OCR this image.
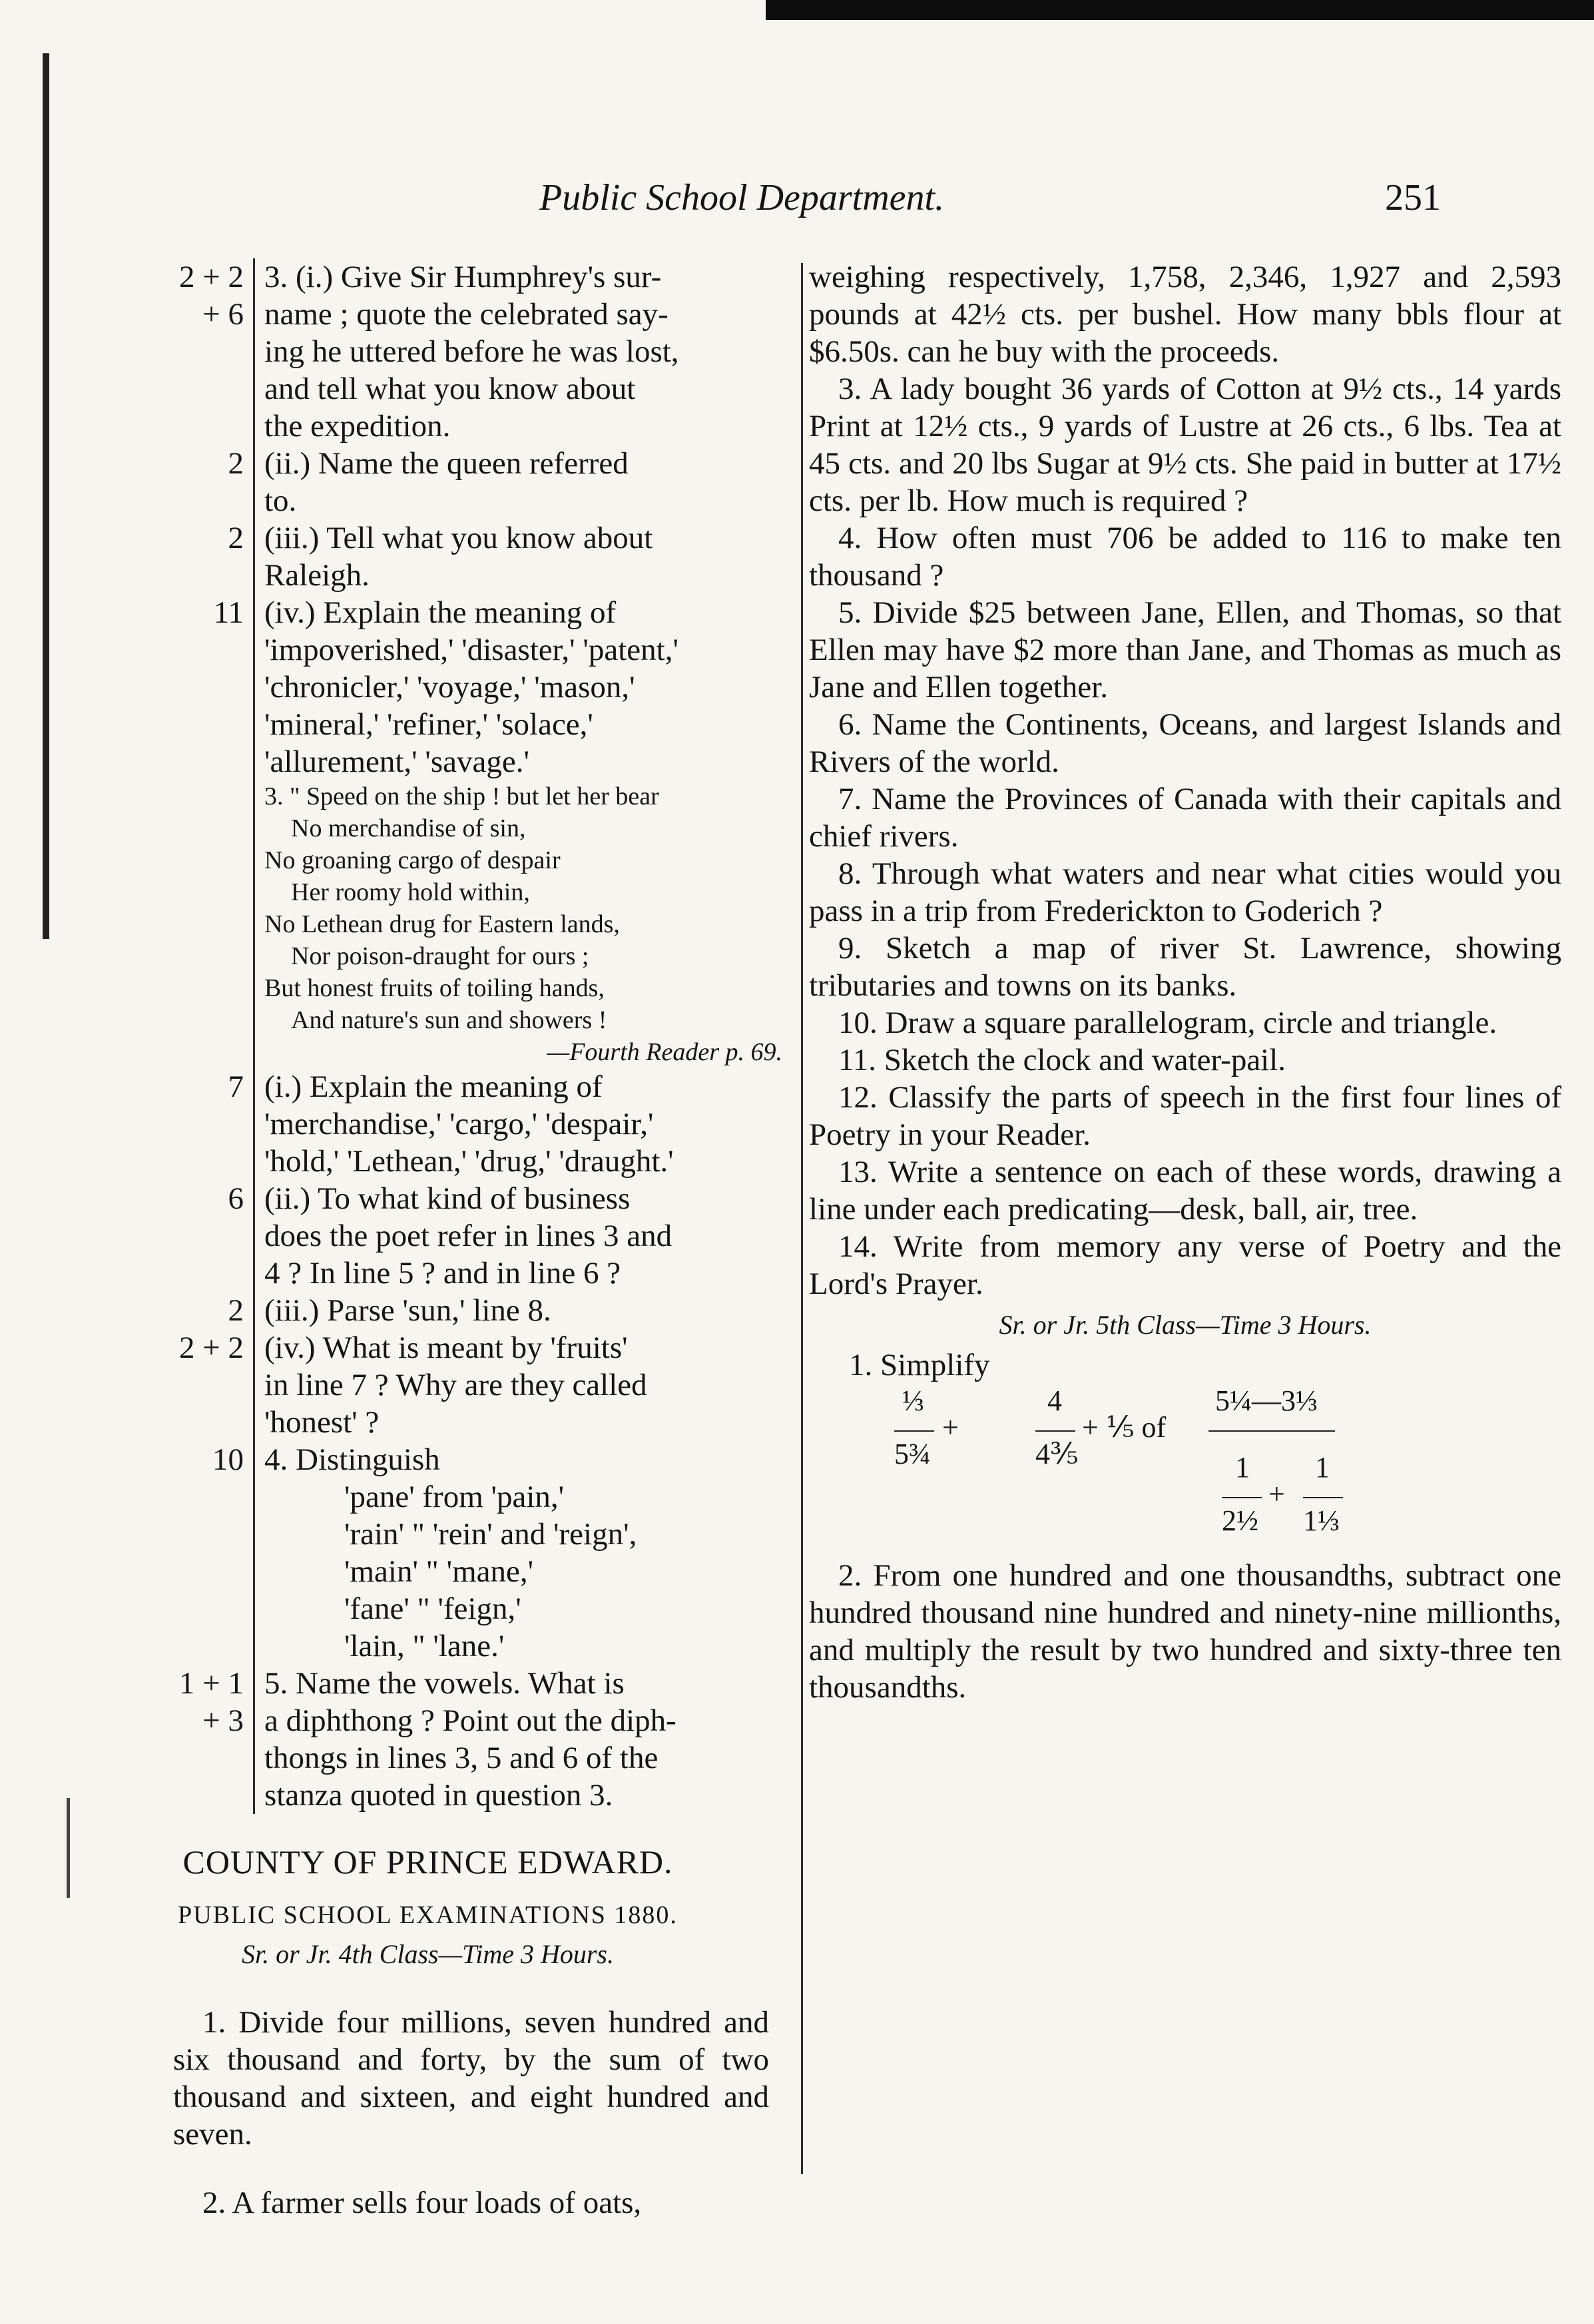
Public School Department.	251
2 + 2 3. (i.) Give Sir Humphrey's sur-
+ 6 name ; quote the celebrated say-
ing he uttered before he was lost,
and tell what you know about
the expedition.
2 (ii.) Name the queen referred
to.
2 (iii.) Tell what you know about
Raleigh.
11 (iv.) Explain the meaning of
'impoverished,' 'disaster,' 'patent,'
'chronicler,' 'voyage,' 'mason,'
'mineral,' 'refiner,' 'solace,'
'allurement,' 'savage.'
3. " Speed on the ship ! but let her bear
No merchandise of sin,
No groaning cargo of despair
Her roomy hold within,
No Lethean drug for Eastern lands,
Nor poison-draught for ours ;
But honest fruits of toiling hands,
And nature's sun and showers !
—Fourth Reader p. 69.
7 (i.) Explain the meaning of
'merchandise,' 'cargo,' 'despair,'
'hold,' 'Lethean,' 'drug,' 'draught.'
6 (ii.) To what kind of business
does the poet refer in lines 3 and
4 ? In line 5 ? and in line 6 ?
2 (iii.) Parse 'sun,' line 8.
2 + 2 (iv.) What is meant by 'fruits'
in line 7 ? Why are they called
'honest' ?
10 4. Distinguish
'pane' from 'pain,'
'rain' " 'rein' and 'reign',
'main' " 'mane,'
'fane' " 'feign,'
'lain, " 'lane.'
1 + 1 5. Name the vowels. What is
+ 3 a diphthong ? Point out the diph-
thongs in lines 3, 5 and 6 of the
stanza quoted in question 3.
COUNTY OF PRINCE EDWARD.
PUBLIC SCHOOL EXAMINATIONS 1880.
Sr. or Jr. 4th Class—Time 3 Hours.

1. Divide four millions, seven hundred and six thousand and forty, by the sum of two thousand and sixteen, and eight hundred and seven.

2. A farmer sells four loads of oats,

weighing respectively, 1,758, 2,346, 1,927 and 2,593 pounds at 42½ cts. per bushel. How many bbls flour at $6.50s. can he buy with the proceeds.

3. A lady bought 36 yards of Cotton at 9½ cts., 14 yards Print at 12½ cts., 9 yards of Lustre at 26 cts., 6 lbs. Tea at 45 cts. and 20 lbs Sugar at 9½ cts. She paid in butter at 17½ cts. per lb. How much is required ?

4. How often must 706 be added to 116 to make ten thousand ?

5. Divide $25 between Jane, Ellen, and Thomas, so that Ellen may have $2 more than Jane, and Thomas as much as Jane and Ellen together.

6. Name the Continents, Oceans, and largest Islands and Rivers of the world.

7. Name the Provinces of Canada with their capitals and chief rivers.

8. Through what waters and near what cities would you pass in a trip from Frederickton to Goderich ?

9. Sketch a map of river St. Lawrence, showing tributaries and towns on its banks.

10. Draw a square parallelogram, circle and triangle.

11. Sketch the clock and water-pail.

12. Classify the parts of speech in the first four lines of Poetry in your Reader.

13. Write a sentence on each of these words, drawing a line under each predicating—desk, ball, air, tree.

14. Write from memory any verse of Poetry and the Lord's Prayer.

Sr. or Jr. 5th Class—Time 3 Hours.
1. Simplify
⅓
5¾
+
4
4⅗
+ ⅕ of
5¼—3⅓
1
2½
+
1
1⅓

2. From one hundred and one thousandths, subtract one hundred thousand nine hundred and ninety-nine millionths, and multiply the result by two hundred and sixty-three ten thousandths.
